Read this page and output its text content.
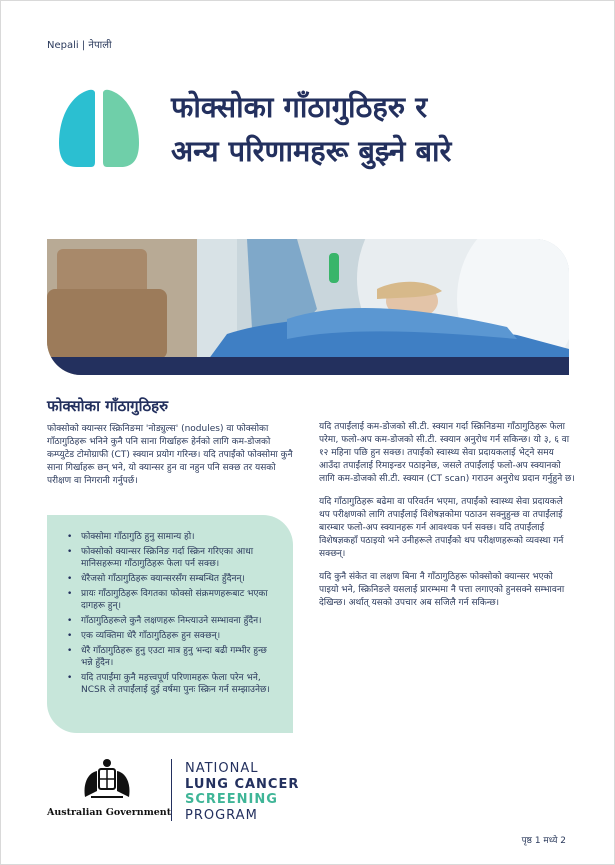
Nepali | नेपाली
फोक्सोका गाँठागुठिहरु र
अन्य परिणामहरू बुझ्ने बारे
फोक्सोका गाँठागुठिहरु

फोक्सोको क्यान्सर स्क्रिनिङमा 'नोड्युल्स' (nodules) वा फोक्सोका गाँठागुठिहरू भनिने कुनै पनि साना गिर्खाहरू हेर्नको लागि कम-डोजको कम्प्युटेड टोमोग्राफी (CT) स्क्यान प्रयोग गरिन्छ। यदि तपाईंको फोक्सोमा कुनै साना गिर्खाहरू छन् भने, यो क्यान्सर हुन वा नहुन पनि सक्छ तर यसको परीक्षण वा निगरानी गर्नुपर्छ।

• फोक्सोमा गाँठागुठि हुनु सामान्य हो।
• फोक्सोको क्यान्सर स्क्रिनिङ गर्दा स्क्रिन गरिएका आधा मानिसहरूमा गाँठागुठिहरू फेला पर्न सक्छ।
• धेरैजसो गाँठागुठिहरू क्यान्सरसँग सम्बन्धित हुँदैनन्।
• प्रायः गाँठागुठिहरू विगतका फोक्सो संक्रमणहरूबाट भएका दागहरू हुन्।
• गाँठागुठिहरूले कुनै लक्षणहरू निम्त्याउने सम्भावना हुँदैन।
• एक व्यक्तिमा धेरै गाँठागुठिहरू हुन सक्छन्।
• धेरै गाँठागुठिहरू हुनु एउटा मात्र हुनु भन्दा बढी गम्भीर हुन्छ भन्ने हुँदैन।
• यदि तपाईंमा कुनै महत्त्वपूर्ण परिणामहरू फेला परेन भने, NCSR ले तपाईंलाई दुई वर्षमा पुनः स्क्रिन गर्न सम्झाउनेछ।

यदि तपाईंलाई कम-डोजको सी.टी. स्क्यान गर्दा स्क्रिनिङमा गाँठागुठिहरू फेला परेमा, फलो-अप कम-डोजको सी.टी. स्क्यान अनुरोध गर्न सकिन्छ। यो ३, ६ वा १२ महिना पछि हुन सक्छ। तपाईंको स्वास्थ्य सेवा प्रदायकलाई भेट्ने समय आउँदा तपाईंलाई रिमाइन्डर पठाइनेछ, जसले तपाईंलाई फलो-अप स्क्यानको लागि कम-डोजको सी.टी. स्क्यान (CT scan) गराउन अनुरोध प्रदान गर्नुहुने छ।

यदि गाँठागुठिहरू बढेमा वा परिवर्तन भएमा, तपाईंको स्वास्थ्य सेवा प्रदायकले थप परीक्षणको लागि तपाईंलाई विशेषज्ञकोमा पठाउन सक्नुहुन्छ वा तपाईंलाई बारम्बार फलो-अप स्क्यानहरू गर्न आवश्यक पर्न सक्छ। यदि तपाईंलाई विशेषज्ञकहाँ पठाइयो भने उनीहरूले तपाईंको थप परीक्षणहरूको व्यवस्था गर्न सक्छन्।

यदि कुनै संकेत वा लक्षण बिना नै गाँठागुठिहरू फोक्सोको क्यान्सर भएको पाइयो भने, स्क्रिनिङले यसलाई प्रारम्भमा नै पत्ता लगाएको हुनसक्ने सम्भावना देखिन्छ। अर्थात् यसको उपचार अब सजिलै गर्न सकिन्छ।

Australian Government
NATIONAL
LUNG CANCER
SCREENING
PROGRAM
पृष्ठ 1 मध्ये 2
